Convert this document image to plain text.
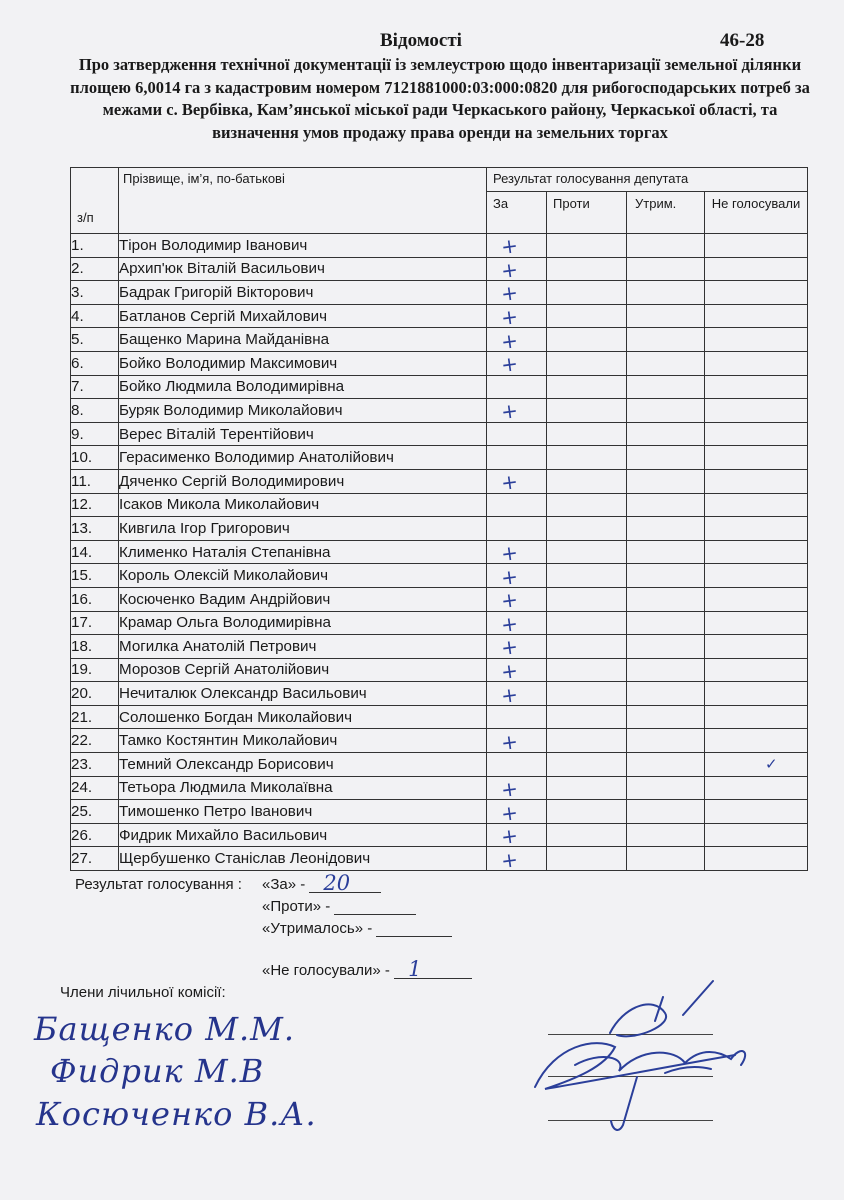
Відомості	46-28
Про затвердження технічної документації із землеустрою щодо інвентаризації земельної ділянки площею 6,0014 га з кадастровим номером 7121881000:03:000:0820 для рибогосподарських потреб за межами с. Вербівка, Кам’янської міської ради Черкаського району, Черкаської області, та визначення умов продажу права оренди на земельних торгах
з/п	Прізвище, ім’я, по-батькові	Результат голосування депутата			
		За	Проти	Утрим.	Не голосували
1.	Тірон Володимир Іванович	+			

2.	Архип'юк Віталій Васильович	+			

3.	Бадрак Григорій Вікторович	+			

4.	Батланов Сергій Михайлович	+			

5.	Бащенко Марина Майданівна	+			

6.	Бойко Володимир Максимович	+			

7.	Бойко Людмила Володимирівна				
8.	Буряк Володимир Миколайович	+			

9.	Верес Віталій Терентійович				
10.	Герасименко Володимир Анатолійович				
11.	Дяченко Сергій Володимирович	+			

12.	Ісаков Микола Миколайович				
13.	Кивгила Ігор Григорович				
14.	Клименко Наталія Степанівна	+			

15.	Король Олексій Миколайович	+			

16.	Косюченко Вадим Андрійович	+			

17.	Крамар Ольга Володимирівна	+			

18.	Могилка Анатолій Петрович	+			

19.	Морозов Сергій Анатолійович	+			

20.	Нечиталюк Олександр Васильович	+			

21.	Солошенко Богдан Миколайович				
22.	Тамко Костянтин Миколайович	+			

23.	Темний Олександр Борисович				✓

24.	Тетьора Людмила Миколаївна	+			

25.	Тимошенко Петро Іванович	+			

26.	Фидрик Михайло Васильович	+			

27.	Щербушенко Станіслав Леонідович	+			

Результат голосування : «За» - 20
«Проти» -
«Утрималось» -
«Не голосували» - 1
Члени лічильної комісії:
Бащенко М.М.
Фидрик М.В
Косюченко В.А.
